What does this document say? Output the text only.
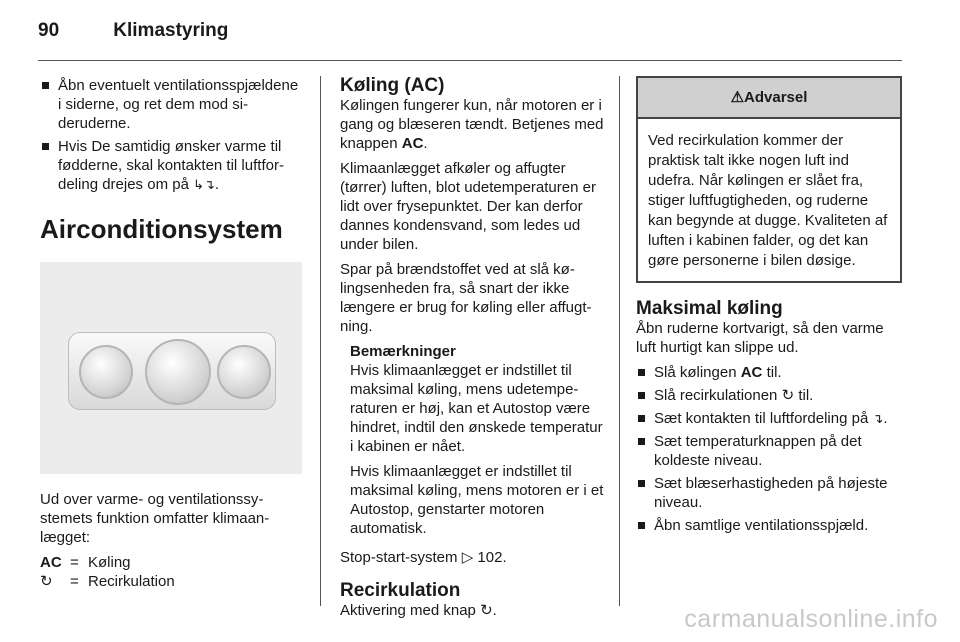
90	Klimastyring
Åbn eventuelt ventilationsspjældene i siderne, og ret dem mod sideruderne.
Hvis De samtidig ønsker varme til fødderne, skal kontakten til luftfordeling drejes om på ↳↴.
Airconditionsystem

Ud over varme- og ventilationssystemets funktion omfatter klimaanlægget:

AC = Køling
↻	= Recirkulation
Køling (AC)

Kølingen fungerer kun, når motoren er i gang og blæseren tændt. Betjenes med knappen AC.

Klimaanlægget afkøler og affugter (tørrer) luften, blot udetemperaturen er lidt over frysepunktet. Der kan derfor dannes kondensvand, som ledes ud under bilen.

Spar på brændstoffet ved at slå kølingsenheden fra, så snart der ikke længere er brug for køling eller affugtning.

Bemærkninger

Hvis klimaanlægget er indstillet til maksimal køling, mens udetemperaturen er høj, kan et Autostop være hindret, indtil den ønskede temperatur i kabinen er nået.

Hvis klimaanlægget er indstillet til maksimal køling, mens motoren er i et Autostop, genstarter motoren automatisk.

Stop-start-system ▷ 102.

Recirkulation

Aktivering med knap ↻.

⚠Advarsel
Ved recirkulation kommer der praktisk talt ikke nogen luft ind udefra. Når kølingen er slået fra, stiger luftfugtigheden, og ruderne kan begynde at dugge. Kvaliteten af luften i kabinen falder, og det kan gøre personerne i bilen døsige.
Maksimal køling

Åbn ruderne kortvarigt, så den varme luft hurtigt kan slippe ud.

Slå kølingen AC til.
Slå recirkulationen ↻ til.
Sæt kontakten til luftfordeling på ↴.
Sæt temperaturknappen på det koldeste niveau.
Sæt blæserhastigheden på højeste niveau.
Åbn samtlige ventilationsspjæld.
carmanualsonline.info
